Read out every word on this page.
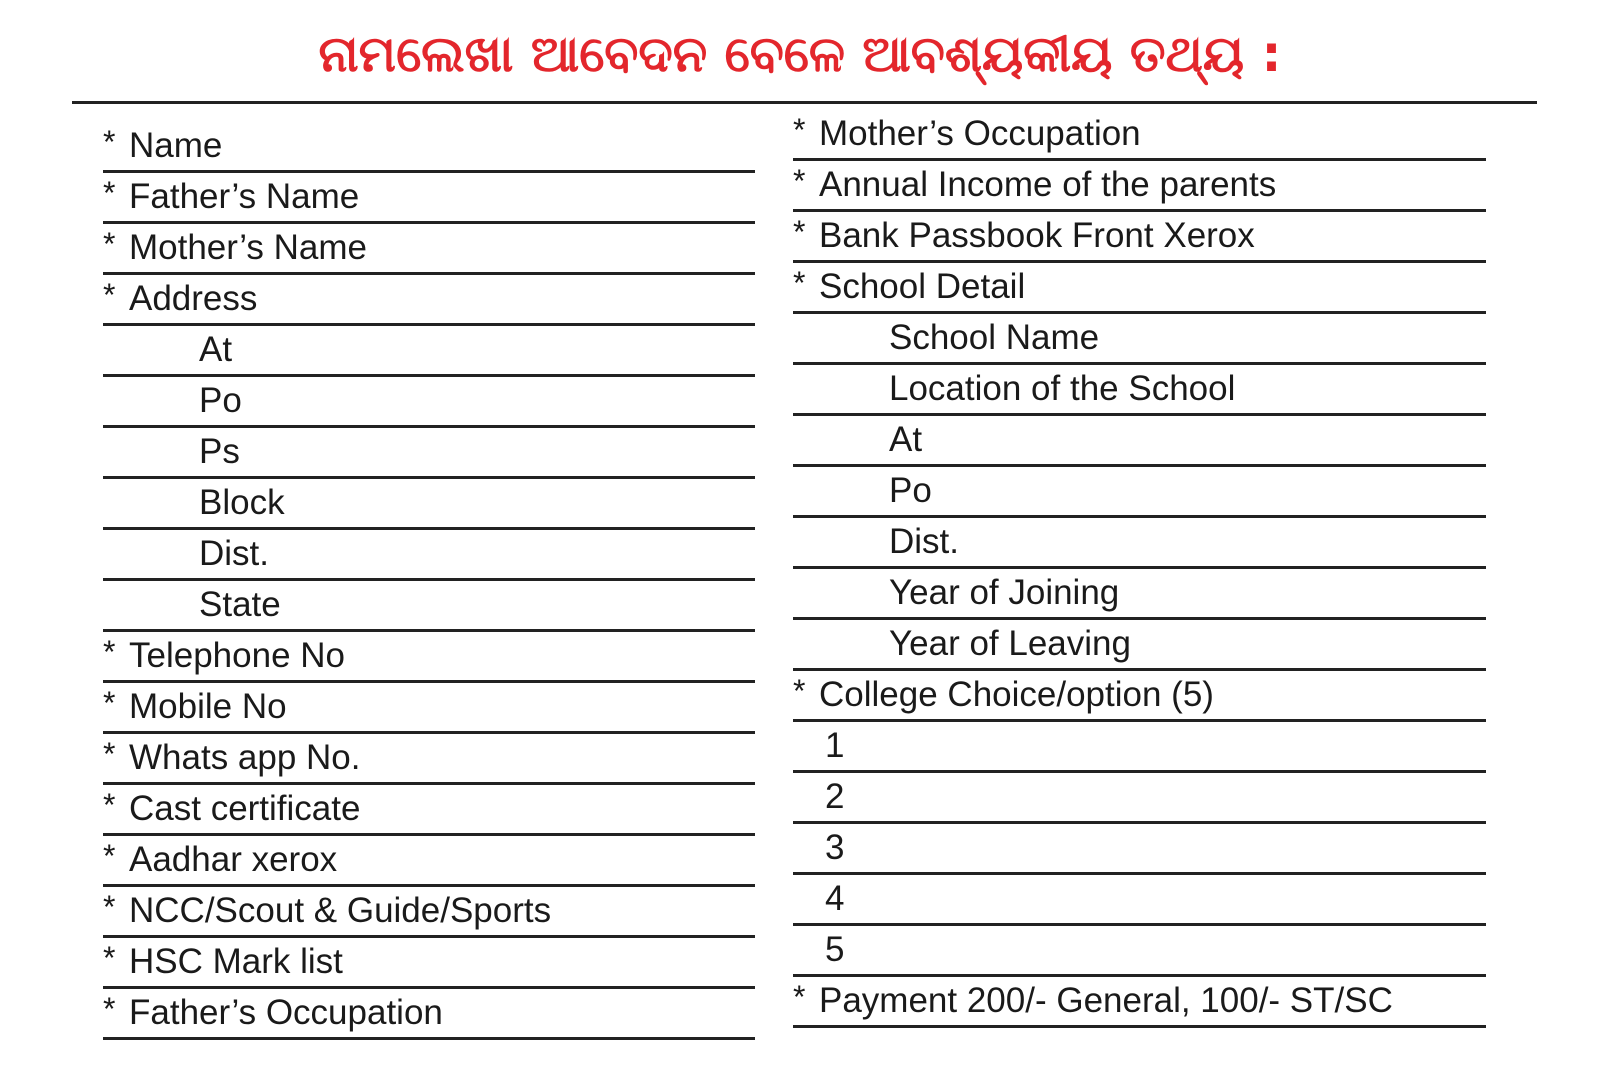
ନାମଲେଖା ଆବେଦନ ବେଳେ ଆବଶ୍ୟକୀୟ ତଥ୍ୟ :
* Name
* Father’s Name
* Mother’s Name
* Address
At
Po
Ps
Block
Dist.
State
* Telephone No
* Mobile No
* Whats app No.
* Cast certificate
* Aadhar xerox
* NCC/Scout & Guide/Sports
* HSC Mark list
* Father’s Occupation
* Mother’s Occupation
* Annual Income of the parents
* Bank Passbook Front Xerox
* School Detail
School Name
Location of the School
At
Po
Dist.
Year of Joining
Year of Leaving
* College Choice/option (5)
1
2
3
4
5
* Payment 200/- General, 100/- ST/SC
